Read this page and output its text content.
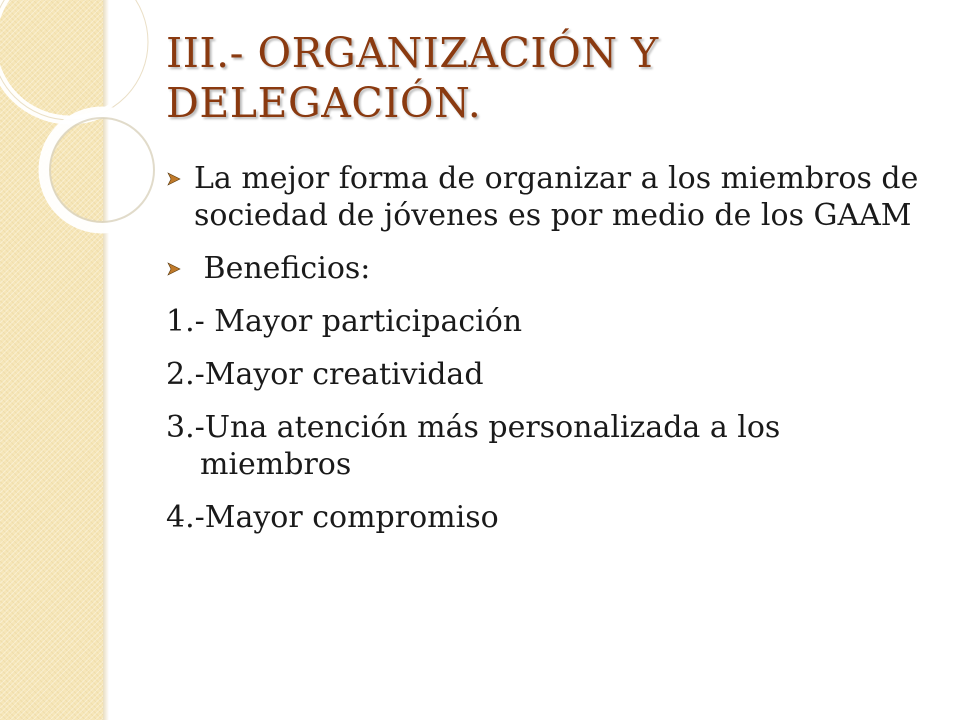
III.- ORGANIZACIÓN Y DELEGACIÓN.
La mejor forma de organizar a los miembros de sociedad de jóvenes es por medio de los GAAM
Beneficios:
1.- Mayor participación
2.-Mayor creatividad
3.-Una atención más personalizada a los miembros
4.-Mayor compromiso
